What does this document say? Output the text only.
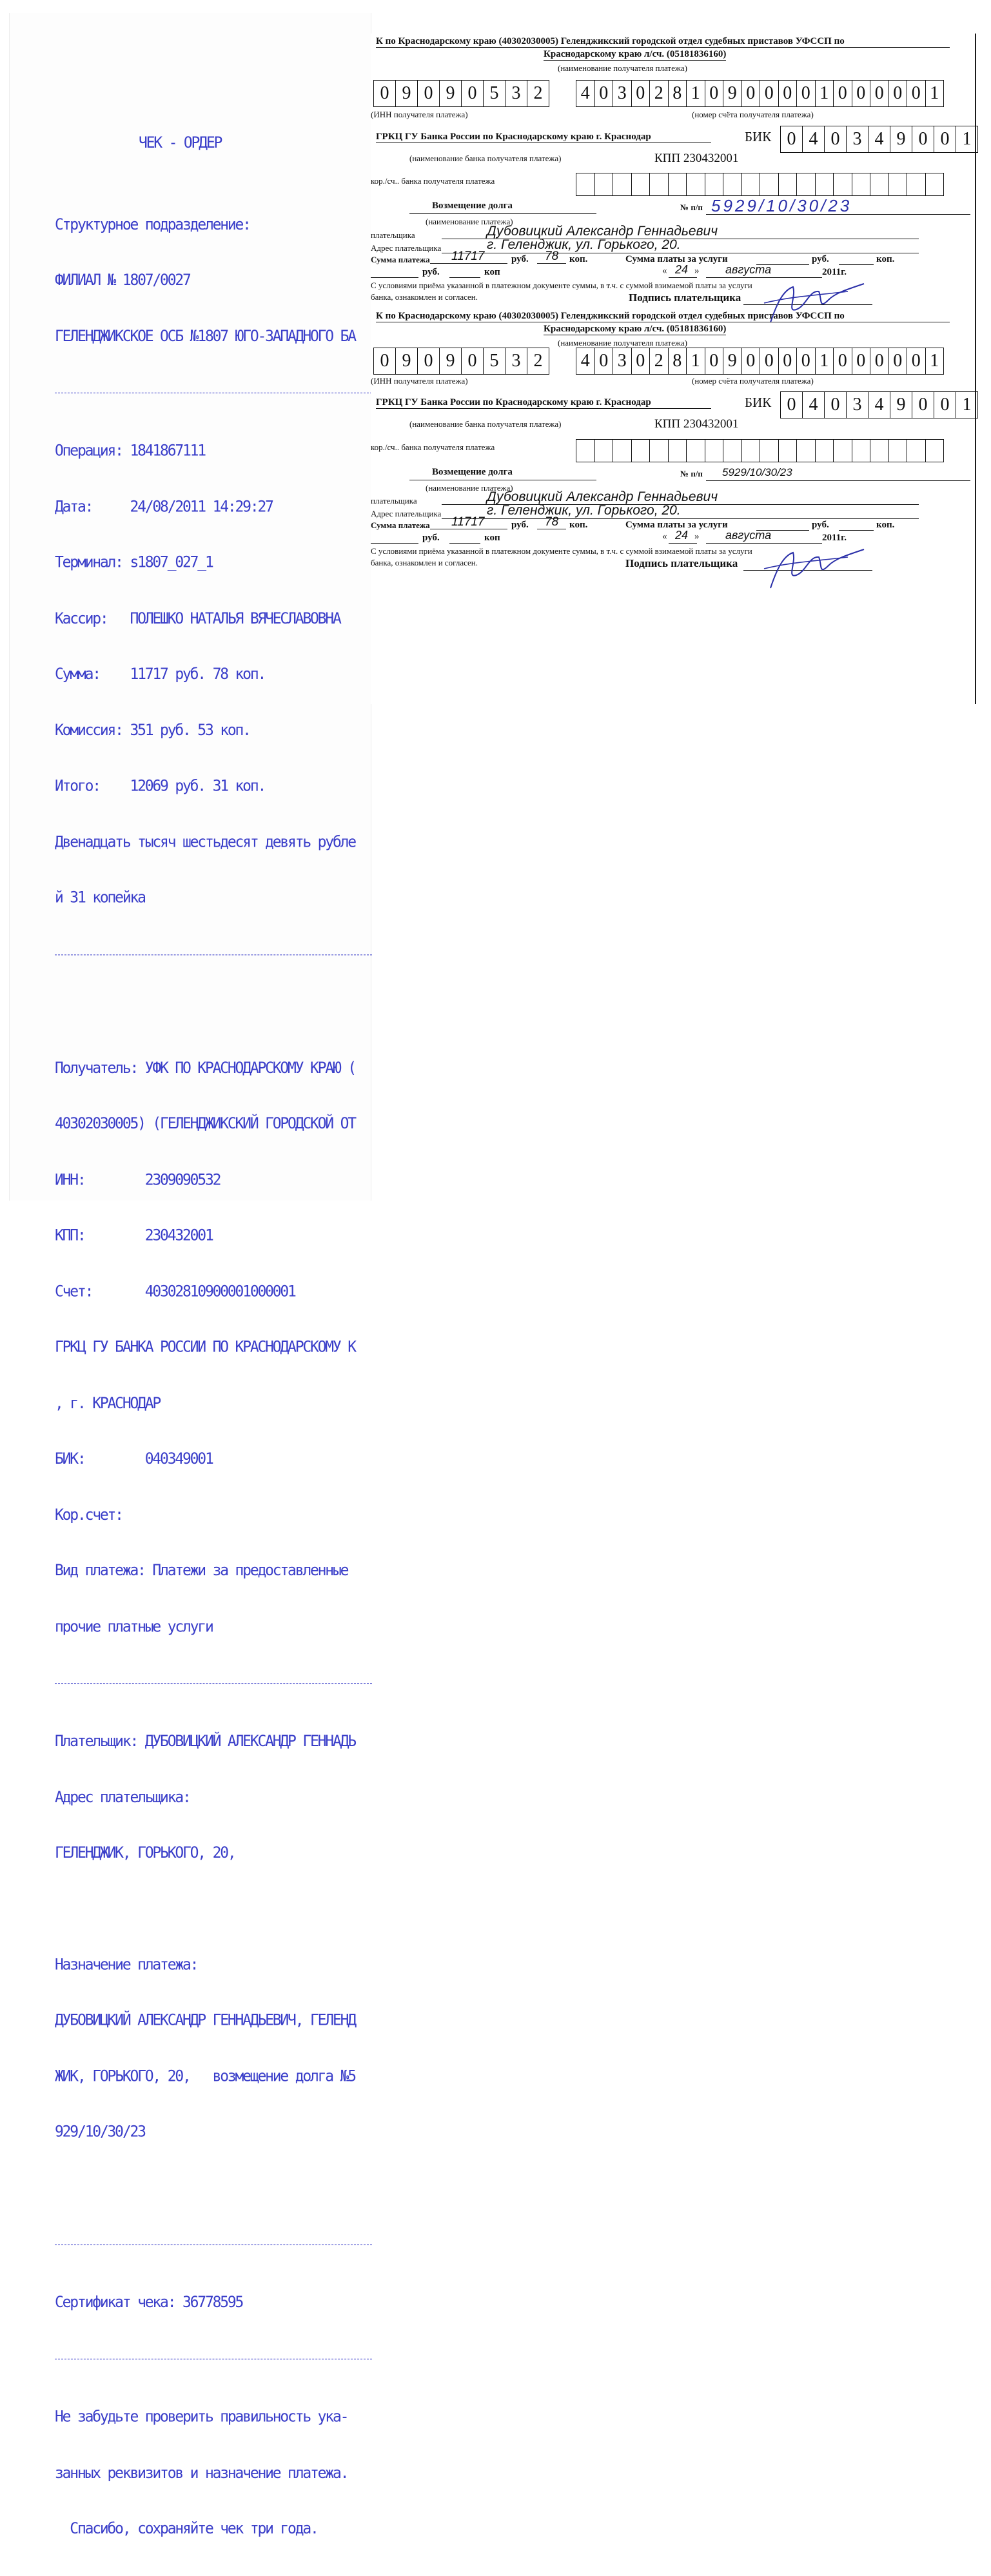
ЧЕК - ОРДЕР

Структурное подразделение:

ФИЛИАЛ № 1807/0027

ГЕЛЕНДЖИКСКОЕ ОСБ №1807 ЮГО-ЗАПАДНОГО БА

Операция: 1841867111

Дата:     24/08/2011 14:29:27

Терминал: s1807_027_1

Кассир:   ПОЛЕШКО НАТАЛЬЯ ВЯЧЕСЛАВОВНА

Сумма:    11717 руб. 78 коп.

Комиссия: 351 руб. 53 коп.

Итого:    12069 руб. 31 коп.

Двенадцать тысяч шестьдесят девять рубле

й 31 копейка

Получатель: УФК ПО КРАСНОДАРСКОМУ КРАЮ (

40302030005) (ГЕЛЕНДЖИКСКИЙ ГОРОДСКОЙ ОТ

ИНН:        2309090532

КПП:        230432001

Счет:       40302810900001000001

ГРКЦ ГУ БАНКА РОССИИ ПО КРАСНОДАРСКОМУ К

, г. КРАСНОДАР

БИК:        040349001

Кор.счет:

Вид платежа: Платежи за предоставленные

прочие платные услуги

Плательщик: ДУБОВИЦКИЙ АЛЕКСАНДР ГЕННАДЬ

Адрес плательщика:

ГЕЛЕНДЖИК, ГОРЬКОГО, 20,

Назначение платежа:

ДУБОВИЦКИЙ АЛЕКСАНДР ГЕННАДЬЕВИЧ, ГЕЛЕНД

ЖИК, ГОРЬКОГО, 20,   возмещение долга №5

929/10/30/23

Сертификат чека: 36778595

Не забудьте проверить правильность ука-

занных реквизитов и назначение платежа.

Спасибо, сохраняйте чек три года.

К по Краснодарскому краю (40302030005) Геленджикский городской отдел судебных приставов УФССП по
Краснодарскому краю л/сч. (05181836160)
(наименование получателя платежа)
0 9 0 9 0 5 3 2
(ИНН получателя платежа)
4 0 3 0 2 8 1 0 9 0 0 0 0 1 0 0 0 0 0 1
(номер счёта получателя платежа)
ГРКЦ ГУ Банка России по Краснодарскому краю г. Краснодар	БИК 0 4 0 3 4 9 0 0 1
(наименование банка получателя платежа)	КПП 230432001
кор./сч.. банка получателя платежа
Возмещение долга
(наименование платежа)
№ п/п 5929/10/30/23
платељщика	Дубовицкий Александр Геннадьевич
Адрес плательщика	г. Геленджик, ул. Горького, 20.
Сумма платежа 11717	руб. 78 коп.	Сумма платы за услуги	руб.	коп.
руб.	коп	« 24 » августа	2011г.
С условиями приёма указанной в платежном документе суммы, в т.ч. с суммой взимаемой платы за услуги
банка, ознакомлен и согласен.	Подпись плательщика
К по Краснодарскому краю (40302030005) Геленджикский городской отдел судебных приставов УФССП по
Краснодарскому краю л/сч. (05181836160)
(наименование получателя платежа)
0 9 0 9 0 5 3 2
(ИНН получателя платежа)
4 0 3 0 2 8 1 0 9 0 0 0 0 1 0 0 0 0 0 1
(номер счёта получателя платежа)
ГРКЦ ГУ Банка России по Краснодарскому краю г. Краснодар	БИК 0 4 0 3 4 9 0 0 1
(наименование банка получателя платежа)	КПП 230432001
кор./сч.. банка получателя платежа
Возмещение долга
(наименование платежа)
№ п/п 5929/10/30/23
плательщика	Дубовицкий Александр Геннадьевич
Адрес плательщика	г. Геленджик, ул. Горького, 20.
Сумма платежа 11717	руб. 78 коп.	Сумма платы за услуги	руб.	коп.
руб.	коп	« 24 » августа	2011г.
С условиями приёма указанной в платежном документе суммы, в т.ч. с суммой взимаемой платы за услуги
банка, ознакомлен и согласен.	Подпись плательщика
